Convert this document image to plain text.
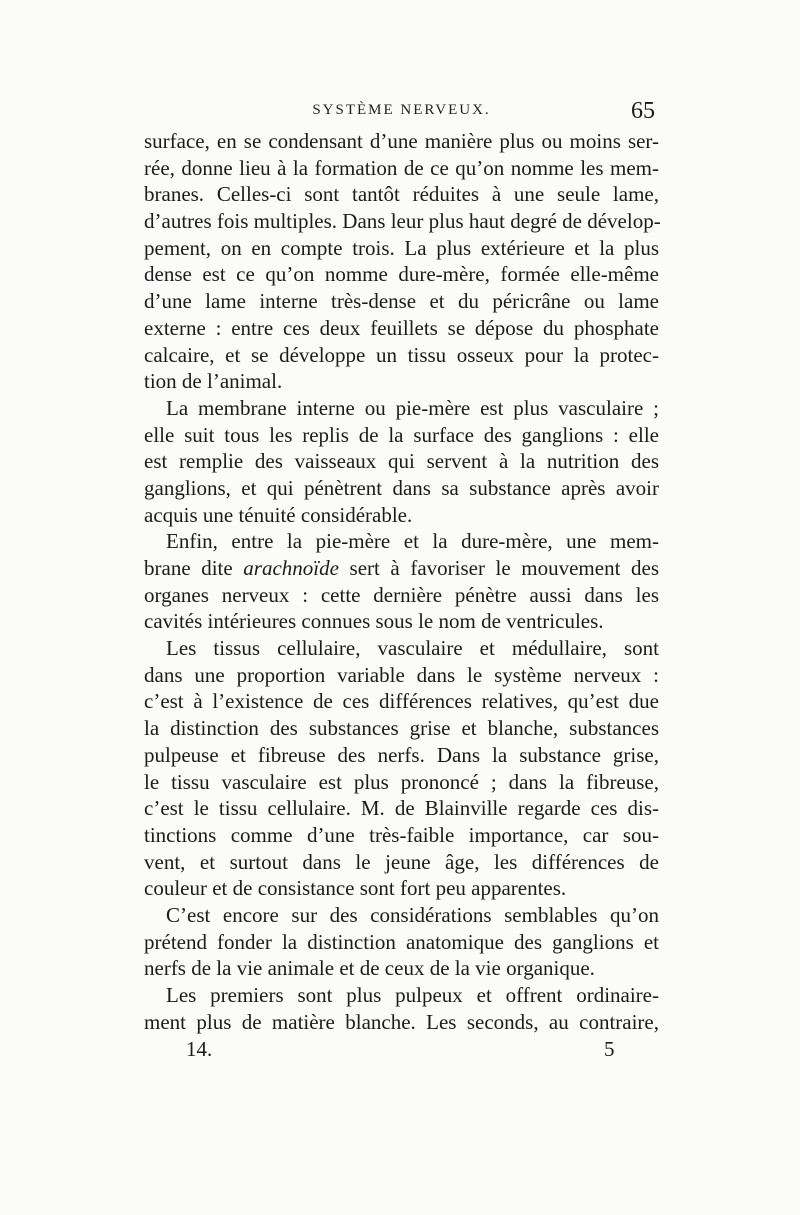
SYSTÈME NERVEUX.	65
surface, en se condensant d’une manière plus ou moins ser-
rée, donne lieu à la formation de ce qu’on nomme les mem-
branes. Celles-ci sont tantôt réduites à une seule lame,
d’autres fois multiples. Dans leur plus haut degré de dévelop-
pement, on en compte trois. La plus extérieure et la plus
dense est ce qu’on nomme dure-mère, formée elle-même
d’une lame interne très-dense et du péricrâne ou lame
externe : entre ces deux feuillets se dépose du phosphate
calcaire, et se développe un tissu osseux pour la protec-
tion de l’animal.
La membrane interne ou pie-mère est plus vasculaire ;
elle suit tous les replis de la surface des ganglions : elle
est remplie des vaisseaux qui servent à la nutrition des
ganglions, et qui pénètrent dans sa substance après avoir
acquis une ténuité considérable.
Enfin, entre la pie-mère et la dure-mère, une mem-
brane dite arachnoïde sert à favoriser le mouvement des
organes nerveux : cette dernière pénètre aussi dans les
cavités intérieures connues sous le nom de ventricules.
Les tissus cellulaire, vasculaire et médullaire, sont
dans une proportion variable dans le système nerveux :
c’est à l’existence de ces différences relatives, qu’est due
la distinction des substances grise et blanche, substances
pulpeuse et fibreuse des nerfs. Dans la substance grise,
le tissu vasculaire est plus prononcé ; dans la fibreuse,
c’est le tissu cellulaire. M. de Blainville regarde ces dis-
tinctions comme d’une très-faible importance, car sou-
vent, et surtout dans le jeune âge, les différences de
couleur et de consistance sont fort peu apparentes.
C’est encore sur des considérations semblables qu’on
prétend fonder la distinction anatomique des ganglions et
nerfs de la vie animale et de ceux de la vie organique.
Les premiers sont plus pulpeux et offrent ordinaire-
ment plus de matière blanche. Les seconds, au contraire,
14.	5
